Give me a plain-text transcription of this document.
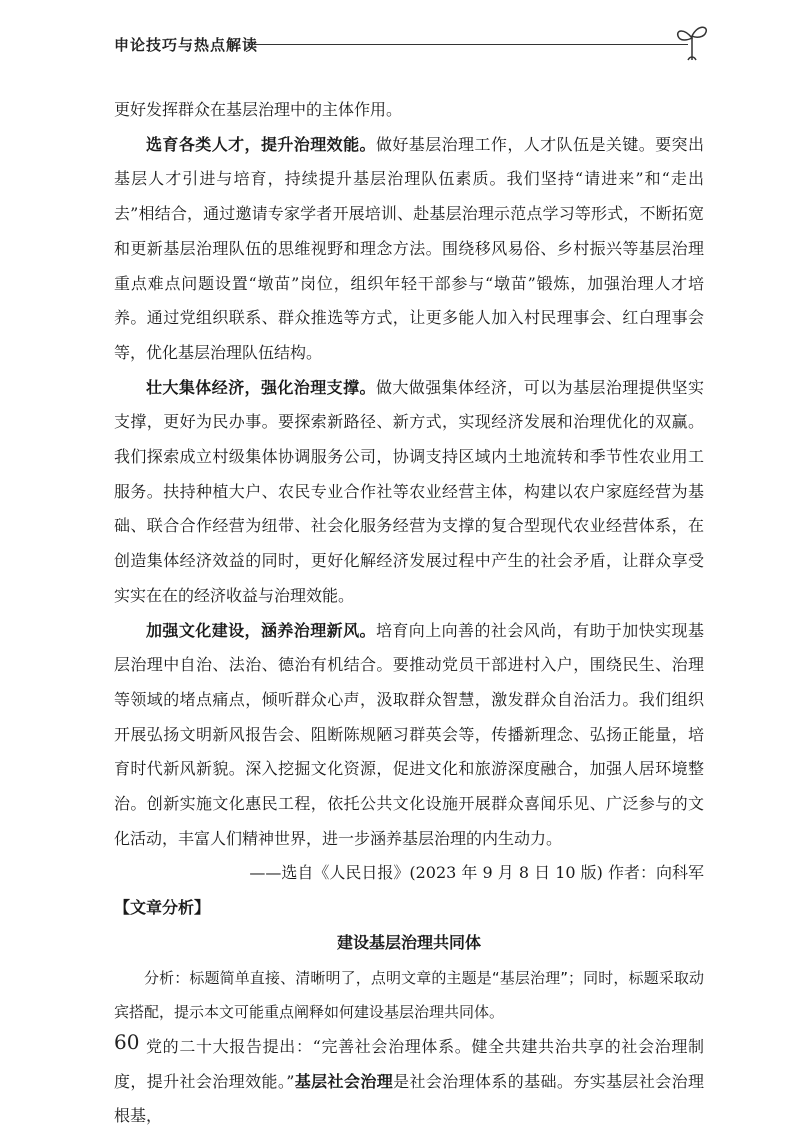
申论技巧与热点解读

更好发挥群众在基层治理中的主体作用。

选育各类人才，提升治理效能。做好基层治理工作，人才队伍是关键。要突出基层人才引进与培育，持续提升基层治理队伍素质。我们坚持“请进来”和“走出去”相结合，通过邀请专家学者开展培训、赴基层治理示范点学习等形式，不断拓宽和更新基层治理队伍的思维视野和理念方法。围绕移风易俗、乡村振兴等基层治理重点难点问题设置“墩苗”岗位，组织年轻干部参与“墩苗”锻炼，加强治理人才培养。通过党组织联系、群众推选等方式，让更多能人加入村民理事会、红白理事会等，优化基层治理队伍结构。

壮大集体经济，强化治理支撑。做大做强集体经济，可以为基层治理提供坚实支撑，更好为民办事。要探索新路径、新方式，实现经济发展和治理优化的双赢。我们探索成立村级集体协调服务公司，协调支持区域内土地流转和季节性农业用工服务。扶持种植大户、农民专业合作社等农业经营主体，构建以农户家庭经营为基础、联合合作经营为纽带、社会化服务经营为支撑的复合型现代农业经营体系，在创造集体经济效益的同时，更好化解经济发展过程中产生的社会矛盾，让群众享受实实在在的经济收益与治理效能。

加强文化建设，涵养治理新风。培育向上向善的社会风尚，有助于加快实现基层治理中自治、法治、德治有机结合。要推动党员干部进村入户，围绕民生、治理等领域的堵点痛点，倾听群众心声，汲取群众智慧，激发群众自治活力。我们组织开展弘扬文明新风报告会、阻断陈规陋习群英会等，传播新理念、弘扬正能量，培育时代新风新貌。深入挖掘文化资源，促进文化和旅游深度融合，加强人居环境整治。创新实施文化惠民工程，依托公共文化设施开展群众喜闻乐见、广泛参与的文化活动，丰富人们精神世界，进一步涵养基层治理的内生动力。

——选自《人民日报》(2023 年 9 月 8 日 10 版) 作者：向科军

【文章分析】

建设基层治理共同体

分析：标题简单直接、清晰明了，点明文章的主题是“基层治理”；同时，标题采取动宾搭配，提示本文可能重点阐释如何建设基层治理共同体。

党的二十大报告提出：“完善社会治理体系。健全共建共治共享的社会治理制度，提升社会治理效能。”基层社会治理是社会治理体系的基础。夯实基层社会治理根基，

60
